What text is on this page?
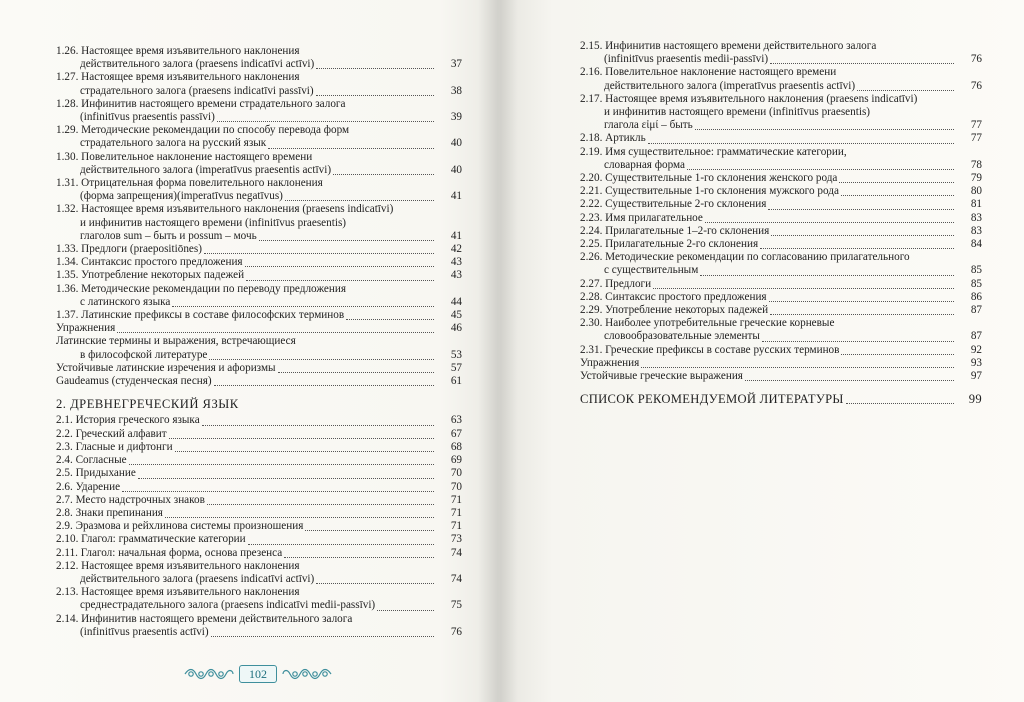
1.26. Настоящее время изъявительного наклонения
действительного залога (praesens indicatīvi actīvi)	37
1.27. Настоящее время изъявительного наклонения
страдательного залога (praesens indicatīvi passīvi)	38
1.28. Инфинитив настоящего времени страдательного залога
(infinitīvus praesentis passīvi)	39
1.29. Методические рекомендации по способу перевода форм
страдательного залога на русский язык	40
1.30. Повелительное наклонение настоящего времени
действительного залога (imperatīvus praesentis actīvi)	40
1.31. Отрицательная форма повелительного наклонения
(форма запрещения)(imperatīvus negatīvus)	41
1.32. Настоящее время изъявительного наклонения (praesens indicatīvi)
и инфинитив настоящего времени (infinitīvus praesentis)
глаголов sum – быть и possum – мочь	41
1.33. Предлоги (praepositiōnes)	42
1.34. Синтаксис простого предложения	43
1.35. Употребление некоторых падежей	43
1.36. Методические рекомендации по переводу предложения
с латинского языка	44
1.37. Латинские префиксы в составе философских терминов	45
Упражнения	46
Латинские термины и выражения, встречающиеся
в философской литературе	53
Устойчивые латинские изречения и афоризмы	57
Gaudeamus (студенческая песня)	61
2. ДРЕВНЕГРЕЧЕСКИЙ ЯЗЫК
2.1. История греческого языка	63
2.2. Греческий алфавит	67
2.3. Гласные и дифтонги	68
2.4. Согласные	69
2.5. Придыхание	70
2.6. Ударение	70
2.7. Место надстрочных знаков	71
2.8. Знаки препинания	71
2.9. Эразмова и рейхлинова системы произношения	71
2.10. Глагол: грамматические категории	73
2.11. Глагол: начальная форма, основа презенса	74
2.12. Настоящее время изъявительного наклонения
действительного залога (praesens indicatīvi actīvi)	74
2.13. Настоящее время изъявительного наклонения
среднестрадательного залога (praesens indicatīvi medii-passīvi)	75
2.14. Инфинитив настоящего времени действительного залога
(infinitīvus praesentis actīvi)	76
2.15. Инфинитив настоящего времени действительного залога
(infinitīvus praesentis medii-passīvi)	76
2.16. Повелительное наклонение настоящего времени
действительного залога (imperatīvus praesentis actīvi)	76
2.17. Настоящее время изъявительного наклонения (praesens indicatīvi)
и инфинитив настоящего времени (infinitīvus praesentis)
глагола εἰμί – быть	77
2.18. Артикль	77
2.19. Имя существительное: грамматические категории,
словарная форма	78
2.20. Существительные 1-го склонения женского рода	79
2.21. Существительные 1-го склонения мужского рода	80
2.22. Существительные 2-го склонения	81
2.23. Имя прилагательное	83
2.24. Прилагательные 1–2-го склонения	83
2.25. Прилагательные 2-го склонения	84
2.26. Методические рекомендации по согласованию прилагательного
с существительным	85
2.27. Предлоги	85
2.28. Синтаксис простого предложения	86
2.29. Употребление некоторых падежей	87
2.30. Наиболее употребительные греческие корневые
словообразовательные элементы	87
2.31. Греческие префиксы в составе русских терминов	92
Упражнения	93
Устойчивые греческие выражения	97
СПИСОК РЕКОМЕНДУЕМОЙ ЛИТЕРАТУРЫ	99
102
